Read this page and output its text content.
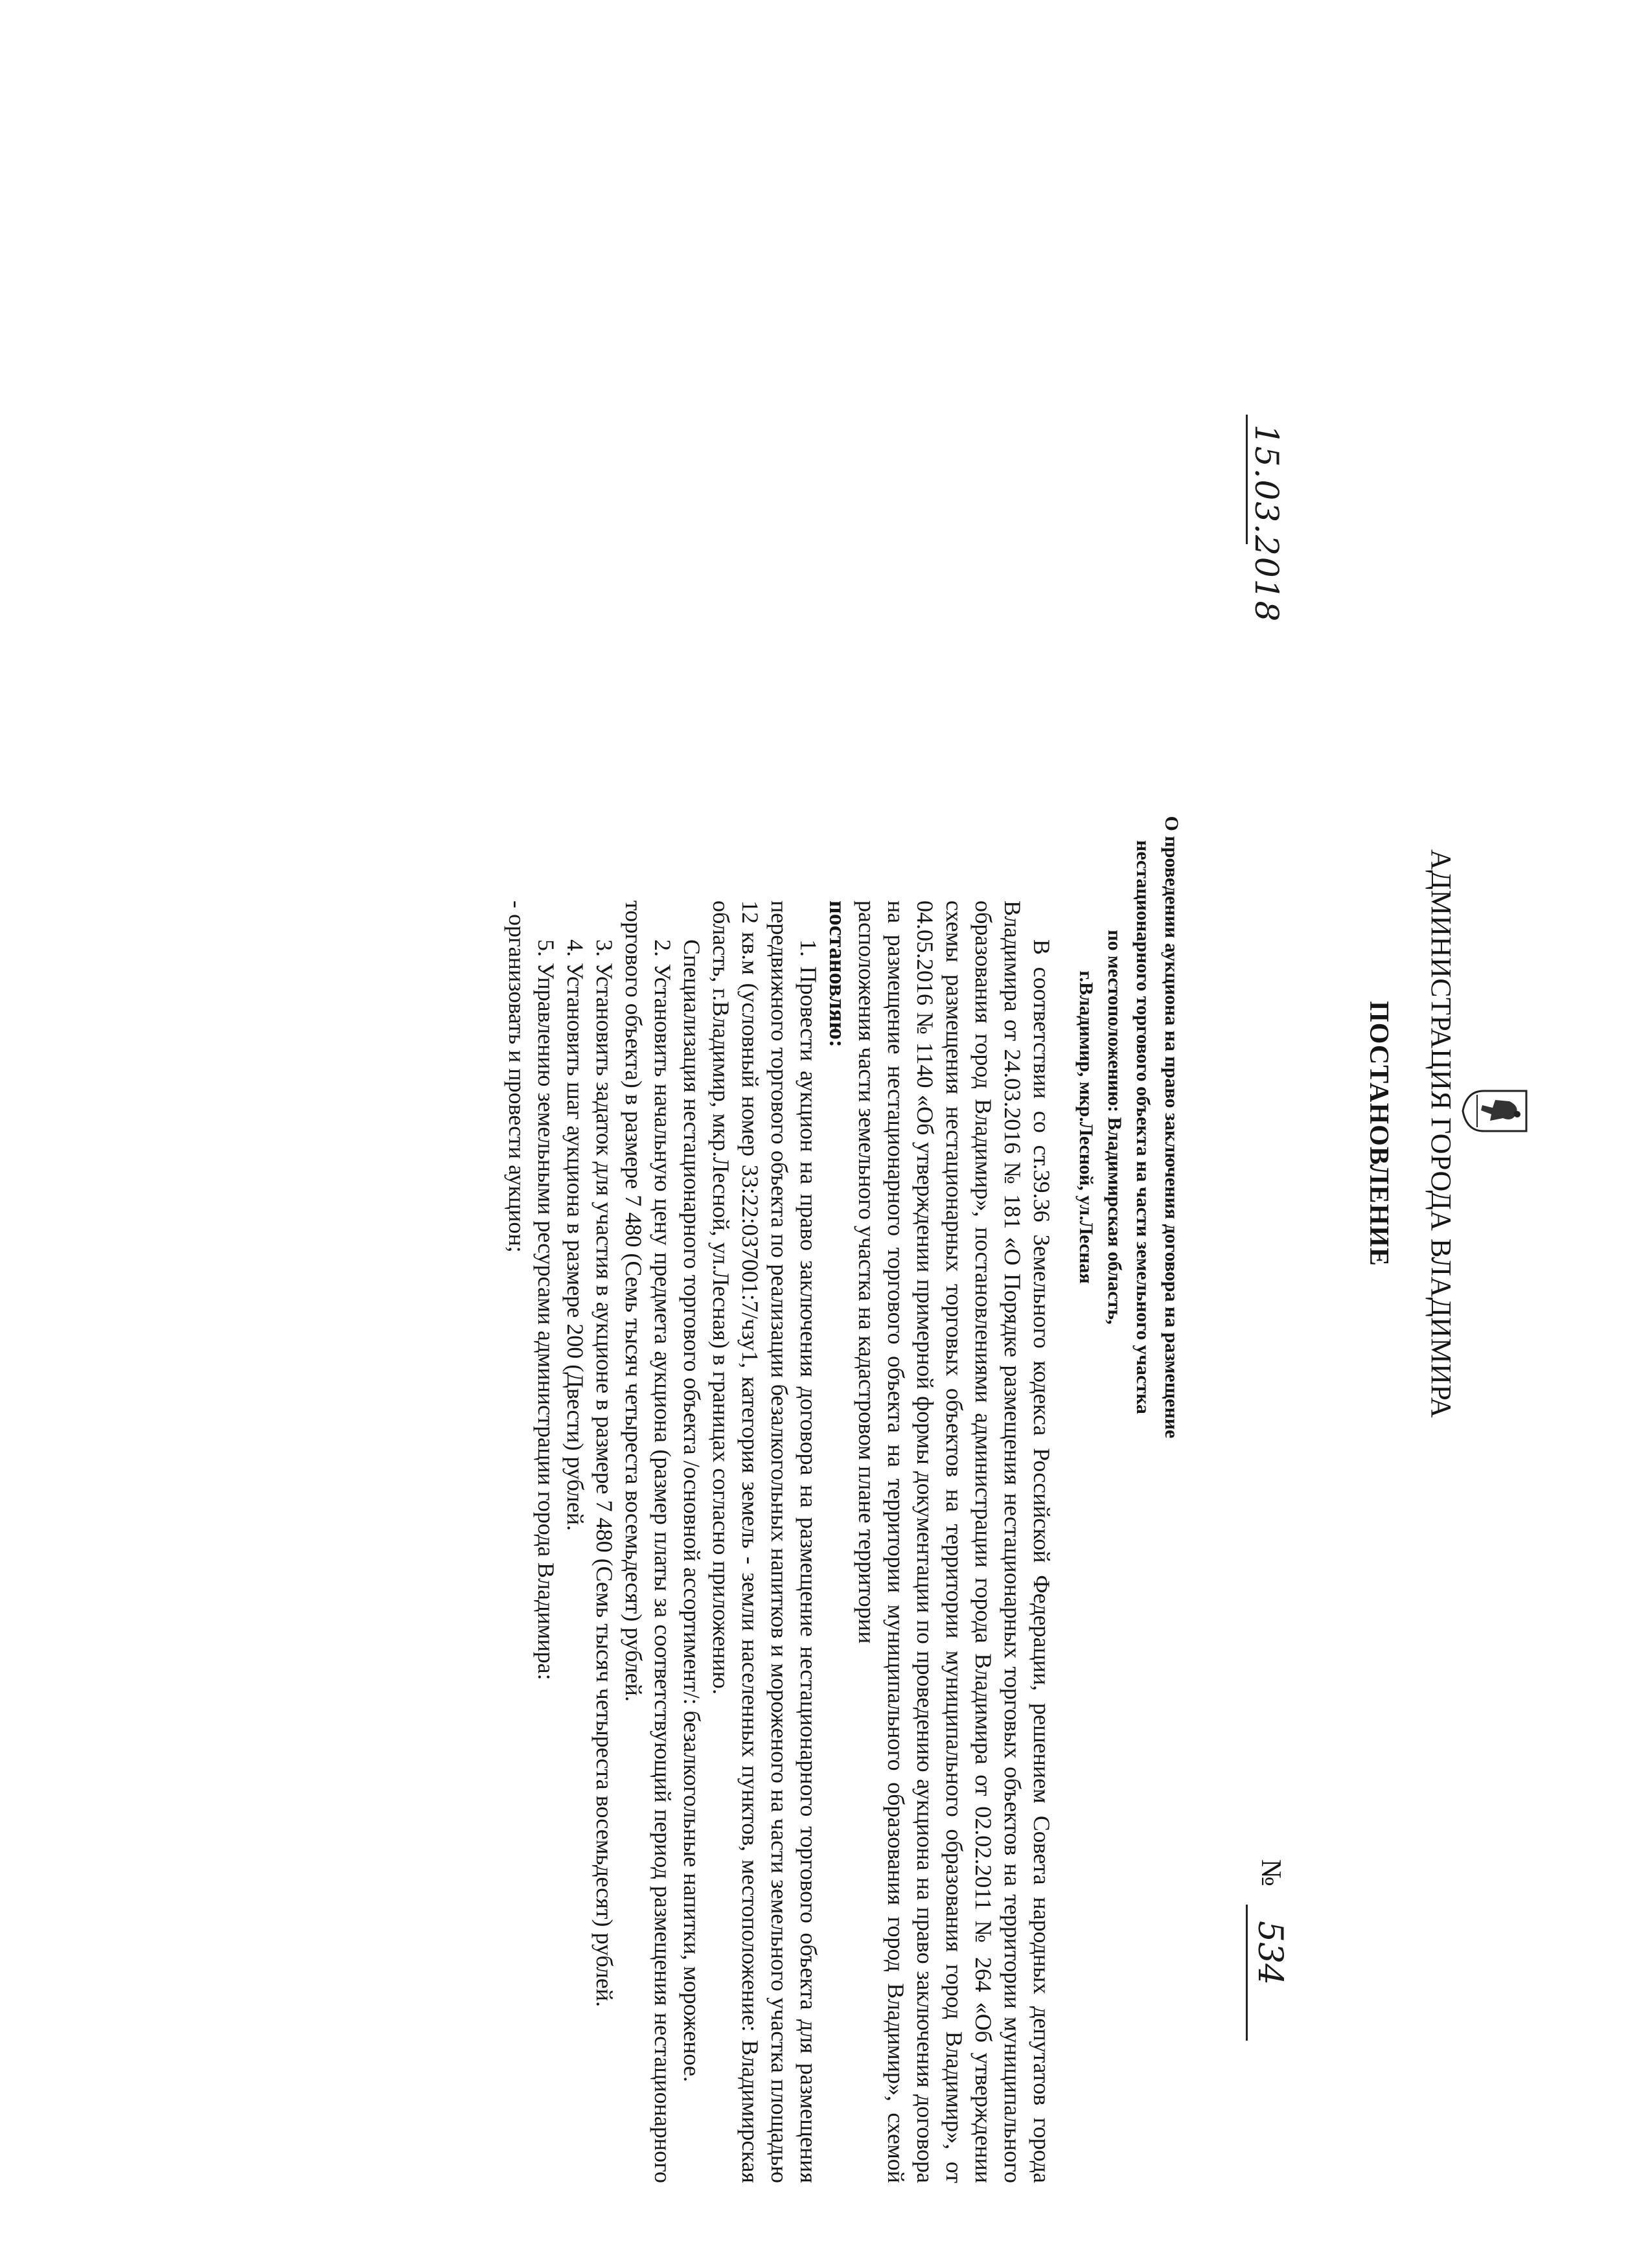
АДМИНИСТРАЦИЯ ГОРОДА ВЛАДИМИРА
ПОСТАНОВЛЕНИЕ
15.03.2018
№
534
О проведении аукциона на право заключения договора на размещение
нестационарного торгового объекта на части земельного участка
по местоположению: Владимирская область,
г.Владимир, мкр.Лесной, ул.Лесная

В соответствии со ст.39.36 Земельного кодекса Российской Федерации, решением Совета народных депутатов города Владимира от 24.03.2016 № 181 «О Порядке размещения нестационарных торговых объектов на территории муниципального образования город Владимир», постановлениями администрации города Владимира от 02.02.2011 № 264 «Об утверждении схемы размещения нестационарных торговых объектов на территории муниципального образования город Владимир», от 04.05.2016 № 1140 «Об утверждении примерной формы документации по проведению аукциона на право заключения договора на размещение нестационарного торгового объекта на территории муниципального образования город Владимир», схемой расположения части земельного участка на кадастровом плане территории

постановляю:

1. Провести аукцион на право заключения договора на размещение нестационарного торгового объекта для размещения передвижного торгового объекта по реализации безалкогольных напитков и мороженого на части земельного участка площадью 12 кв.м (условный номер 33:22:037001:7/чзу1, категория земель - земли населенных пунктов, местоположение: Владимирская область, г.Владимир, мкр.Лесной, ул.Лесная) в границах согласно приложению.

Специализация нестационарного торгового объекта /основной ассортимент/: безалкогольные напитки, мороженое.

2. Установить начальную цену предмета аукциона (размер платы за соответствующий период размещения нестационарного торгового объекта) в размере 7 480 (Семь тысяч четыреста восемьдесят) рублей.

3. Установить задаток для участия в аукционе в размере 7 480 (Семь тысяч четыреста восемьдесят) рублей.

4. Установить шаг аукциона в размере 200 (Двести) рублей.

5. Управлению земельными ресурсами администрации города Владимира:

- организовать и провести аукцион;
